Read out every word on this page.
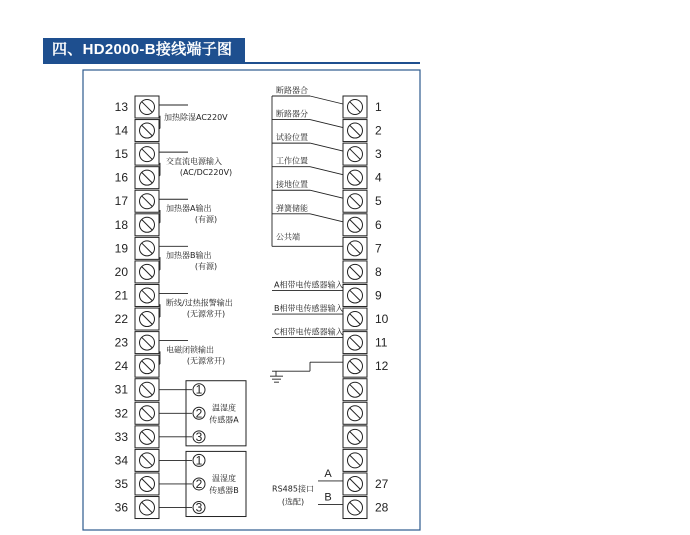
四、HD2000-B接线端子图
13
14
15
16
17
18
19
20
21
22
23
24
31
32
33
34
35
36
1
2
3
4
5
6
7
8
9
10
11
12
27
28
加热除湿AC220V
交直流电源输入
(AC/DC220V)
加热器A输出
(有源)
加热器B输出
(有源)
断线/过热报警输出
(无源常开)
电磁闭锁输出
(无源常开)
1
2
3
温湿度
传感器A
1
2
3
温湿度
传感器B
断路器合
断路器分
试验位置
工作位置
接地位置
弹簧储能
公共端
A相带电传感器输入
B相带电传感器输入
C相带电传感器输入
A
B
RS485接口
(选配)
